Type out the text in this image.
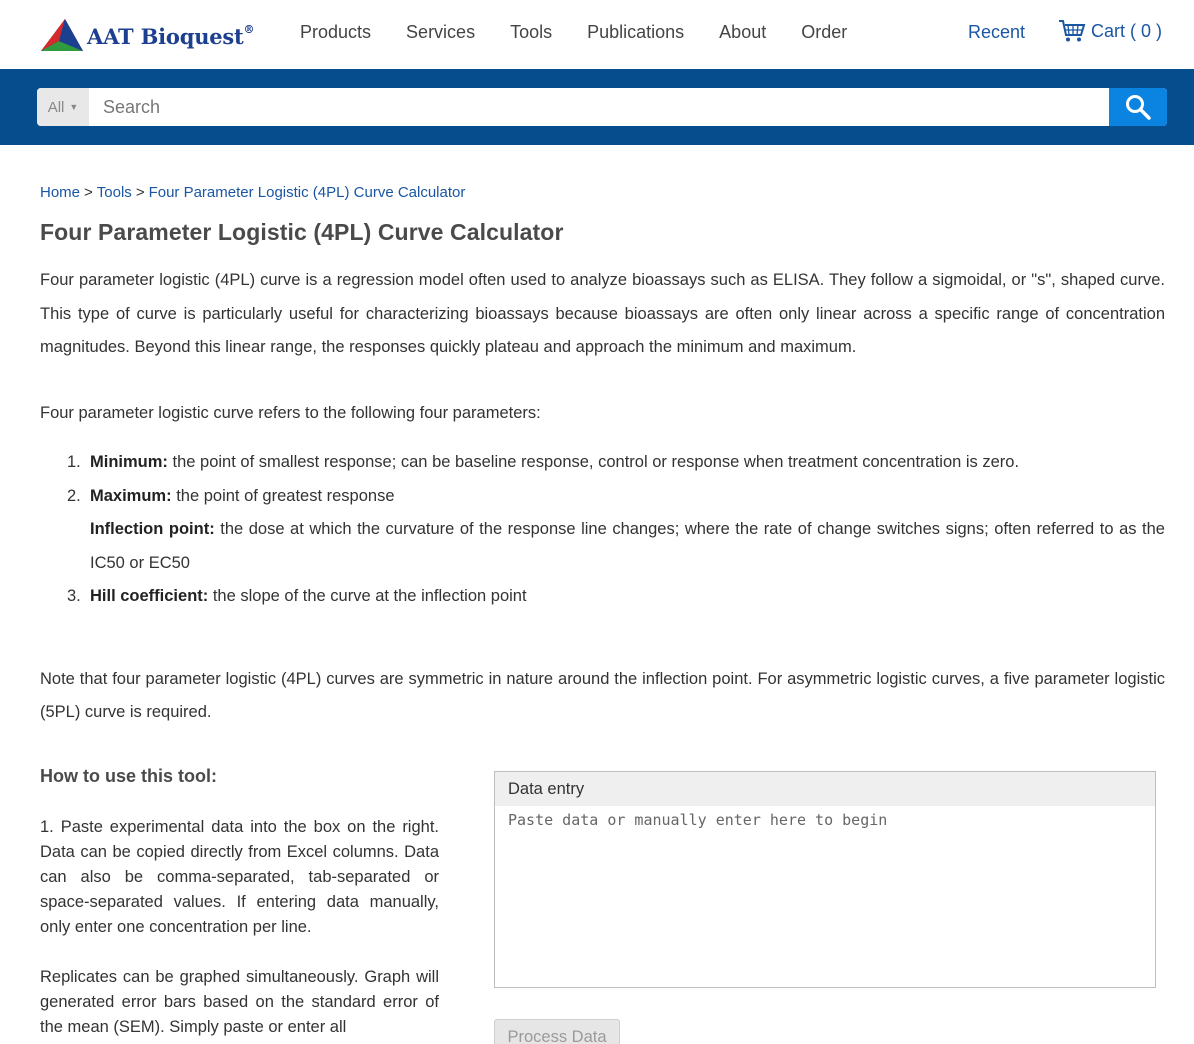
AAT Bioquest®	Products Services Tools Publications About Order	Recent	Cart ( 0 )
All ▼
Search
Home > Tools > Four Parameter Logistic (4PL) Curve Calculator
Four Parameter Logistic (4PL) Curve Calculator

Four parameter logistic (4PL) curve is a regression model often used to analyze bioassays such as ELISA. They follow a sigmoidal, or "s", shaped curve. This type of curve is particularly useful for characterizing bioassays because bioassays are often only linear across a specific range of concentration magnitudes. Beyond this linear range, the responses quickly plateau and approach the minimum and maximum.

Four parameter logistic curve refers to the following four parameters:

1. Minimum: the point of smallest response; can be baseline response, control or response when treatment concentration is zero.
2. Maximum: the point of greatest response
Inflection point: the dose at which the curvature of the response line changes; where the rate of change switches signs; often referred to as the IC50 or EC50
3. Hill coefficient: the slope of the curve at the inflection point

Note that four parameter logistic (4PL) curves are symmetric in nature around the inflection point. For asymmetric logistic curves, a five parameter logistic (5PL) curve is required.

How to use this tool:

1. Paste experimental data into the box on the right. Data can be copied directly from Excel columns. Data can also be comma-separated, tab-separated or space-separated values. If entering data manually, only enter one concentration per line.

Replicates can be graphed simultaneously. Graph will generated error bars based on the standard error of the mean (SEM). Simply paste or enter all

Data entry
Paste data or manually enter here to begin
Process Data
